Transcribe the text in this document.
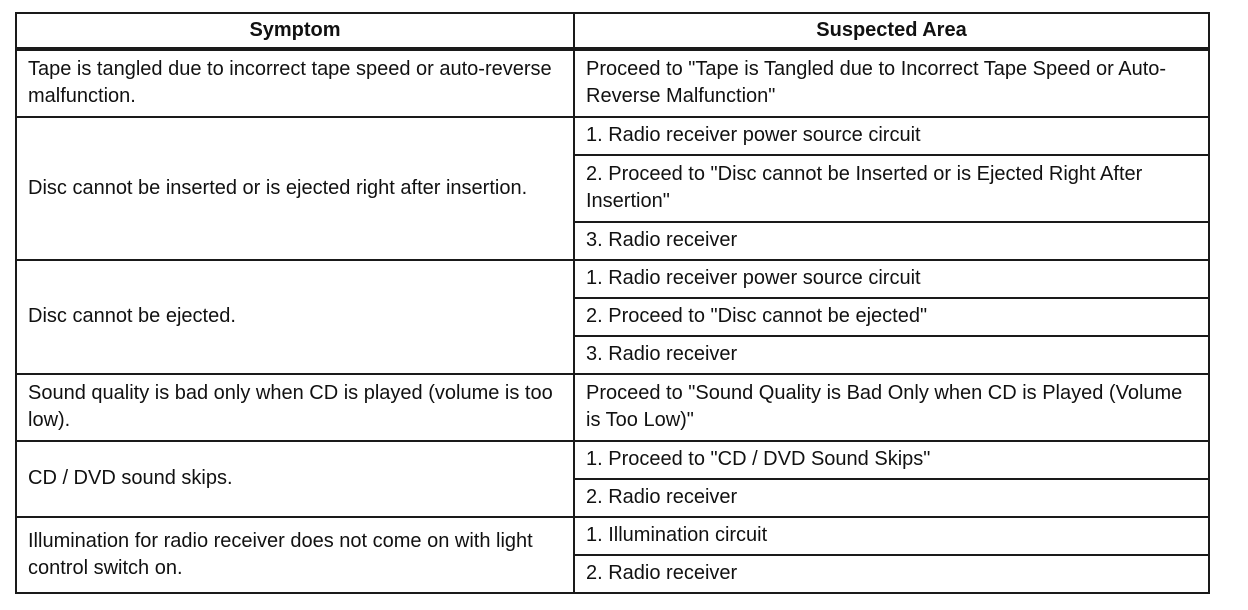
Symptom	Suspected Area
Tape is tangled due to incorrect tape speed or auto-reverse malfunction.	Proceed to "Tape is Tangled due to Incorrect Tape Speed or Auto-Reverse Malfunction"
Disc cannot be inserted or is ejected right after insertion.	1. Radio receiver power source circuit
	2. Proceed to "Disc cannot be Inserted or is Ejected Right After Insertion"
	3. Radio receiver
Disc cannot be ejected.	1. Radio receiver power source circuit
	2. Proceed to "Disc cannot be ejected"
	3. Radio receiver
Sound quality is bad only when CD is played (volume is too low).	Proceed to "Sound Quality is Bad Only when CD is Played (Volume is Too Low)"
CD / DVD sound skips.	1. Proceed to "CD / DVD Sound Skips"
	2. Radio receiver
Illumination for radio receiver does not come on with light control switch on.	1. Illumination circuit
	2. Radio receiver
